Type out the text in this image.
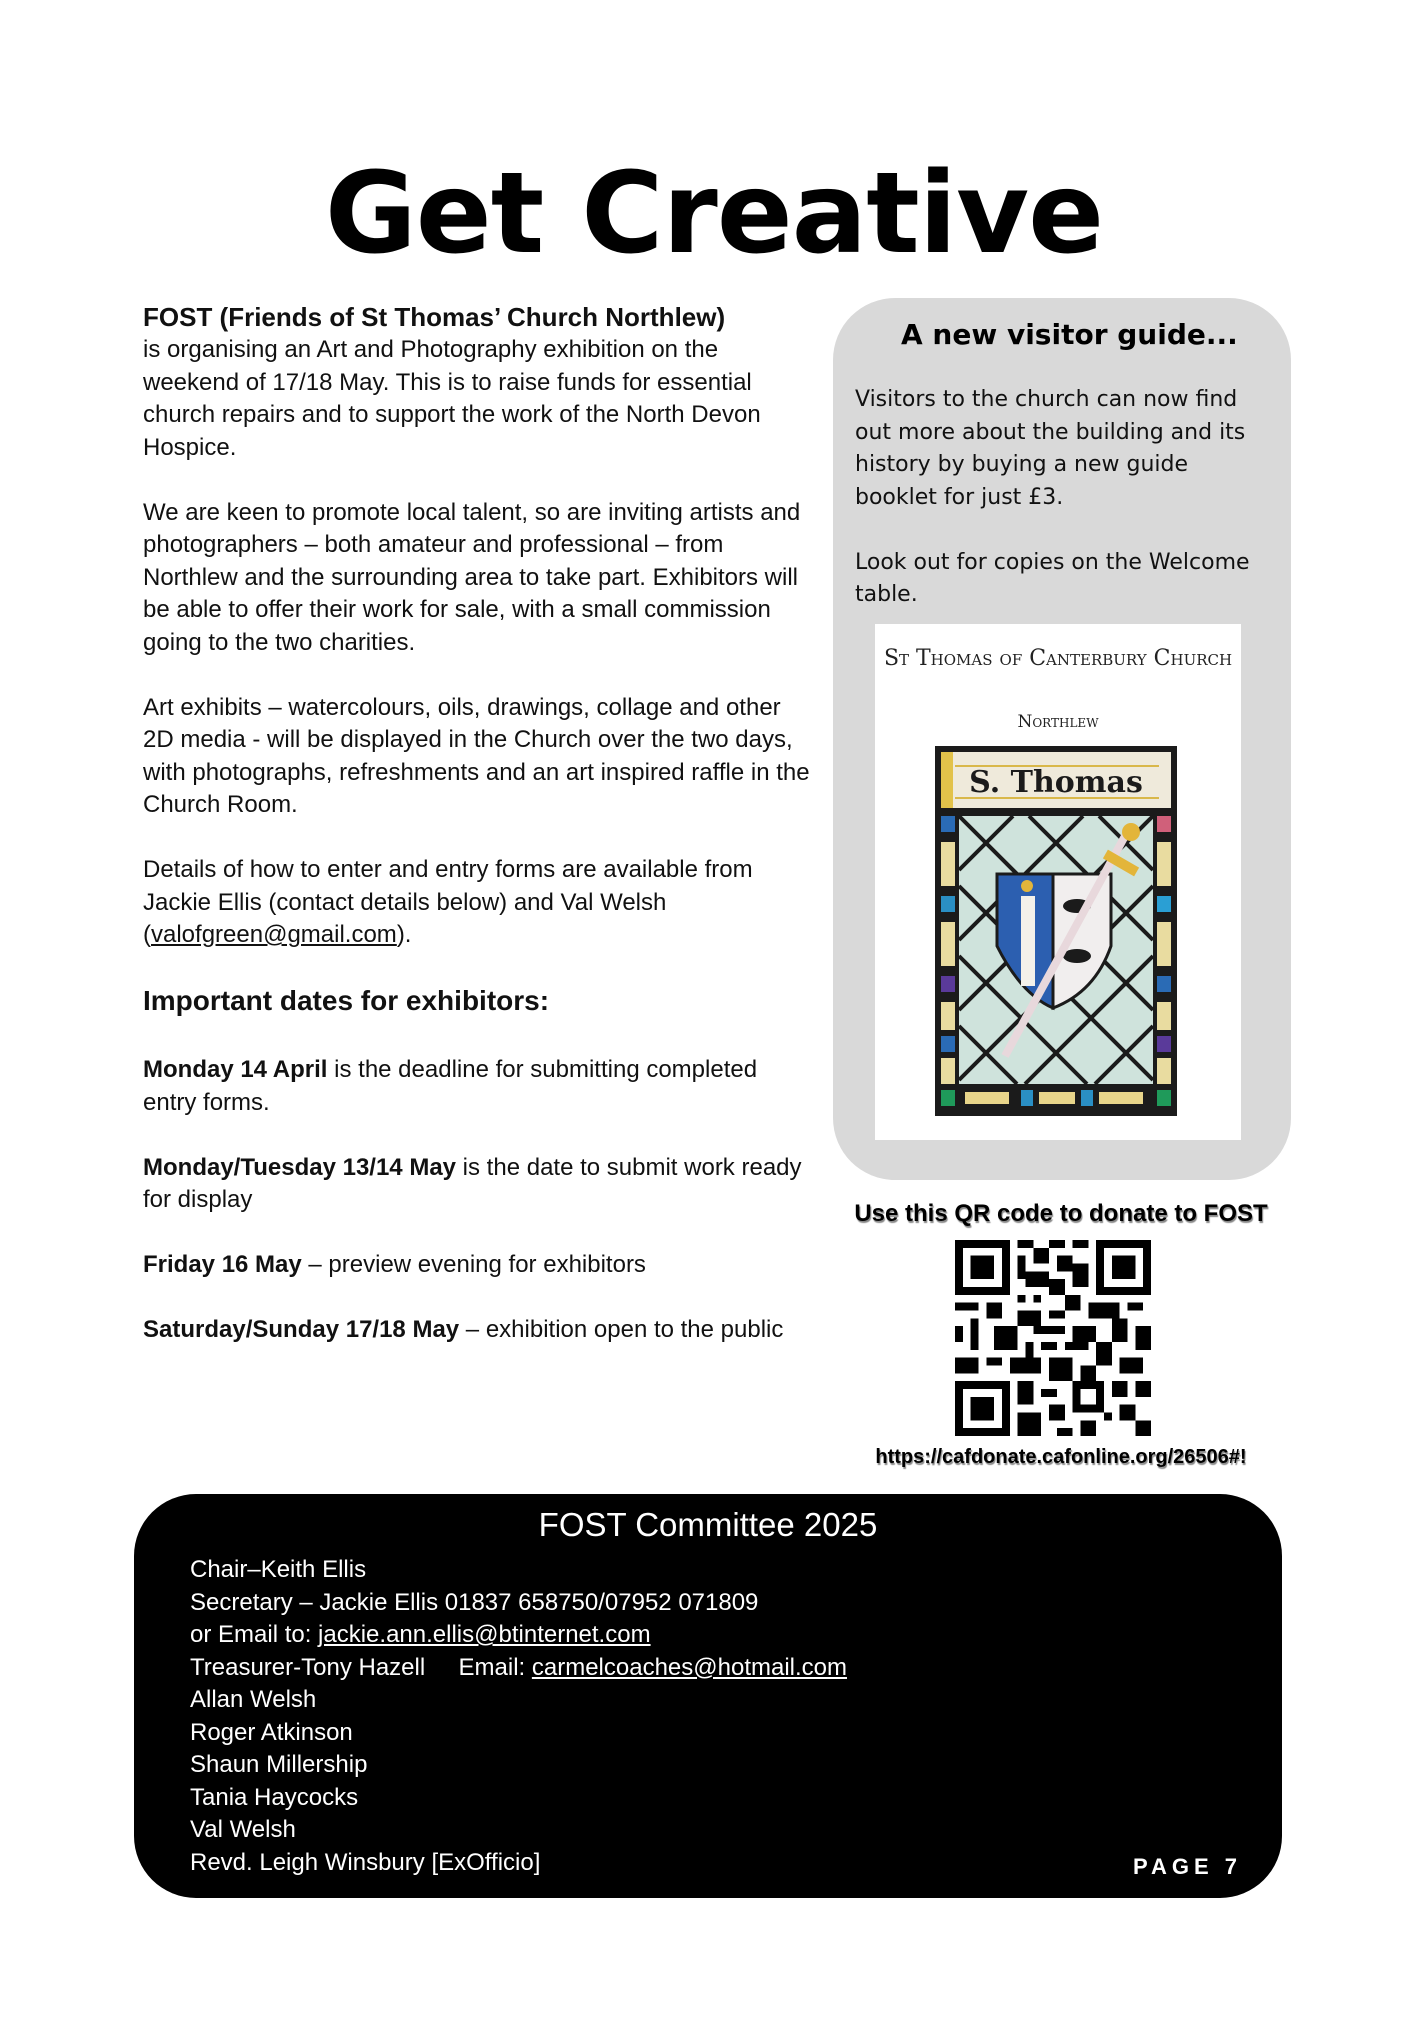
Get Creative
FOST (Friends of St Thomas’ Church Northlew)

is organising an Art and Photography exhibition on the weekend of 17/18 May. This is to raise funds for essential church repairs and to support the work of the North Devon Hospice.

We are keen to promote local talent, so are inviting artists and photographers – both amateur and professional – from Northlew and the surrounding area to take part. Exhibitors will be able to offer their work for sale, with a small commission going to the two charities.

Art exhibits – watercolours, oils, drawings, collage and other 2D media - will be displayed in the Church over the two days, with photographs, refreshments and an art inspired raffle in the Church Room.

Details of how to enter and entry forms are available from Jackie Ellis (contact details below) and Val Welsh (valofgreen@gmail.com).

Important dates for exhibitors:
Monday 14 April is the deadline for submitting completed entry forms.
Monday/Tuesday 13/14 May is the date to submit work ready for display
Friday 16 May – preview evening for exhibitors
Saturday/Sunday 17/18 May – exhibition open to the public
A new visitor guide...

Visitors to the church can now find out more about the building and its history by buying a new guide booklet for just £3.

Look out for copies on the Welcome table.

St Thomas of Canterbury Church
Northlew
S. Thomas
Use this QR code to donate to FOST
https://cafdonate.cafonline.org/26506#!
FOST Committee 2025
Chair–Keith Ellis
Secretary – Jackie Ellis 01837 658750/07952 071809
or Email to: jackie.ann.ellis@btinternet.com
Treasurer-Tony Hazell     Email: carmelcoaches@hotmail.com
Allan Welsh
Roger Atkinson
Shaun Millership
Tania Haycocks
Val Welsh
Revd. Leigh Winsbury [ExOfficio]	PAGE 7
